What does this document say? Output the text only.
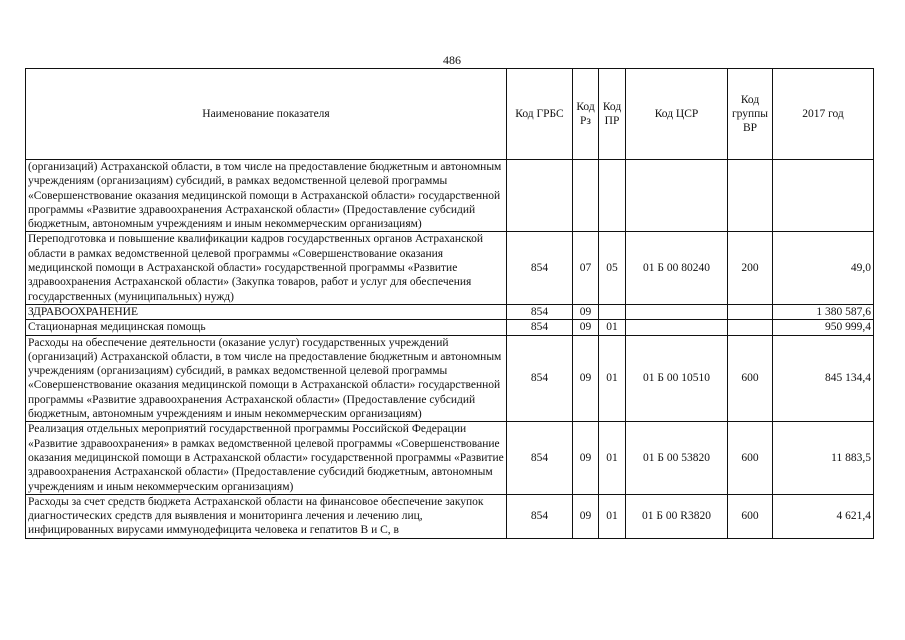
486
Наименование показателя	Код ГРБС	Код Рз	Код ПР	Код ЦСР	Код группы ВР	2017 год
(организаций) Астраханской области, в том числе на предоставление бюджетным и автономным учреждениям (организациям) субсидий, в рамках ведомственной целевой программы «Совершенствование оказания медицинской помощи в Астраханской области» государственной программы «Развитие здравоохранения Астраханской области» (Предоставление субсидий бюджетным, автономным учреждениям и иным некоммерческим организациям)						
Переподготовка и повышение квалификации кадров государственных органов Астраханской области в рамках ведомственной целевой программы «Совершенствование оказания медицинской помощи в Астраханской области» государственной программы «Развитие здравоохранения Астраханской области» (Закупка товаров, работ и услуг для обеспечения государственных (муниципальных) нужд)	854	07	05	01 Б 00 80240	200	49,0
ЗДРАВООХРАНЕНИЕ	854	09				1 380 587,6
Стационарная медицинская помощь	854	09	01			950 999,4
Расходы на обеспечение деятельности (оказание услуг) государственных учреждений (организаций) Астраханской области, в том числе на предоставление бюджетным и автономным учреждениям (организациям) субсидий, в рамках ведомственной целевой программы «Совершенствование оказания медицинской помощи в Астраханской области» государственной программы «Развитие здравоохранения Астраханской области» (Предоставление субсидий бюджетным, автономным учреждениям и иным некоммерческим организациям)	854	09	01	01 Б 00 10510	600	845 134,4
Реализация отдельных мероприятий государственной программы Российской Федерации «Развитие здравоохранения» в рамках ведомственной целевой программы «Совершенствование оказания медицинской помощи в Астраханской области» государственной программы «Развитие здравоохранения Астраханской области» (Предоставление субсидий бюджетным, автономным учреждениям и иным некоммерческим организациям)	854	09	01	01 Б 00 53820	600	11 883,5
Расходы за счет средств бюджета Астраханской области на финансовое обеспечение закупок диагностических средств для выявления и мониторинга лечения и лечению лиц, инфицированных вирусами иммунодефицита человека и гепатитов В и С, в	854	09	01	01 Б 00 R3820	600	4 621,4
